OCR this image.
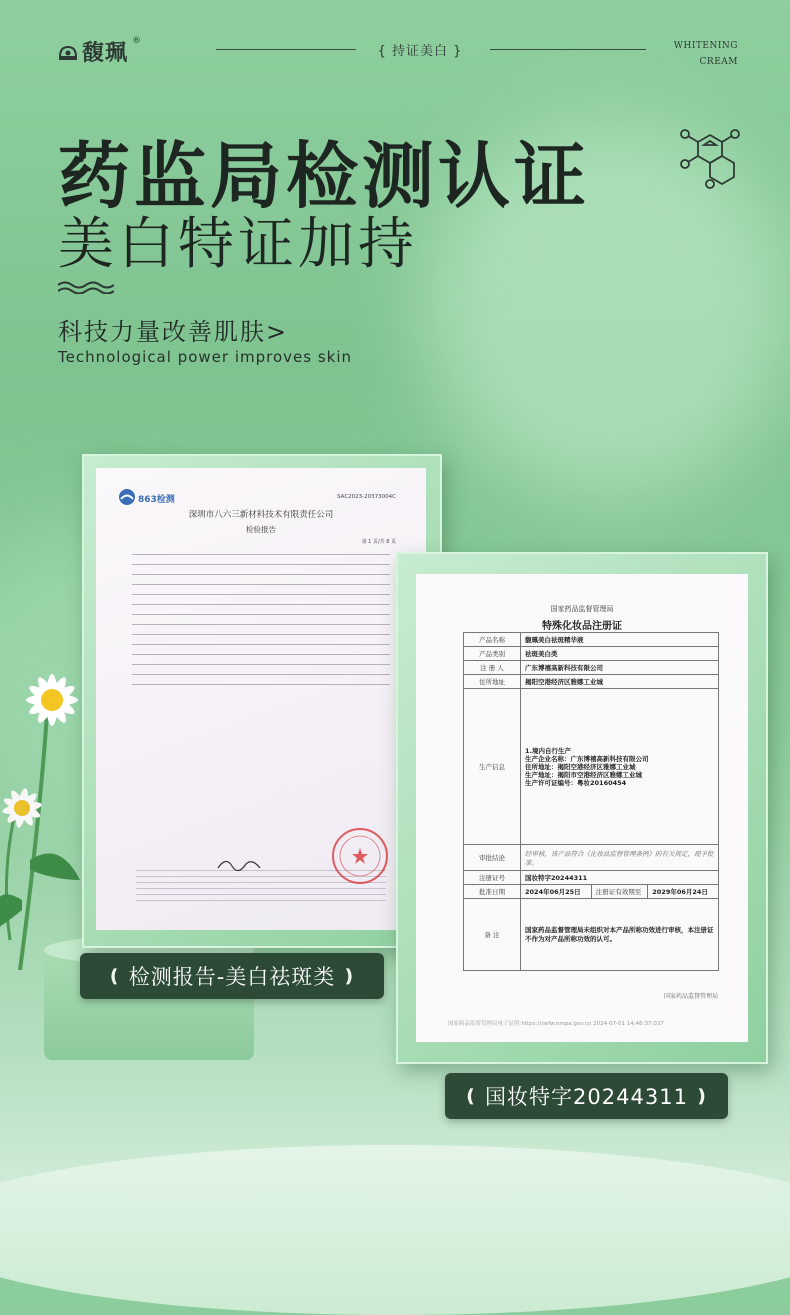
馥珮 ®
{ 持证美白 }	WHITENING
CREAM
药监局检测认证
美白特证加持
科技力量改善肌肤>
Technological power improves skin
863检测	SAC2023-20373004C
深圳市八六三新材料技术有限责任公司
检验报告
第 1 页/共 8 页
国家药品监督管理局
特殊化妆品注册证
产品名称	馥珮美白祛斑精华液		
产品类别	祛斑美白类		
注 册 人	广东博禧高新科技有限公司		
住所地址	揭阳空港经济区雅娜工业城		
生产信息	1.境内自行生产
生产企业名称：广东博禧高新科技有限公司
住所地址：揭阳空港经济区雅娜工业城
生产地址：揭阳市空港经济区雅娜工业城
生产许可证编号：粤妆20160454		

审批结论	经审核，该产品符合《化妆品监督管理条例》的有关规定，现予批准。		
注册证号	国妆特字20244311		
批准日期	2024年06月25日	注册证有效期至	2029年06月24日
备 注	国家药品监督管理局未组织对本产品所称功效进行审核，本注册证不作为对产品所称功效的认可。		
国家药品监督管理局
国家药品监督管理局电子证照 https://zwfw.nmpa.gov.cn 2024-07-01 14:46:37:037
❪ 检测报告-美白祛斑类 ❫
❪ 国妆特字20244311 ❫
